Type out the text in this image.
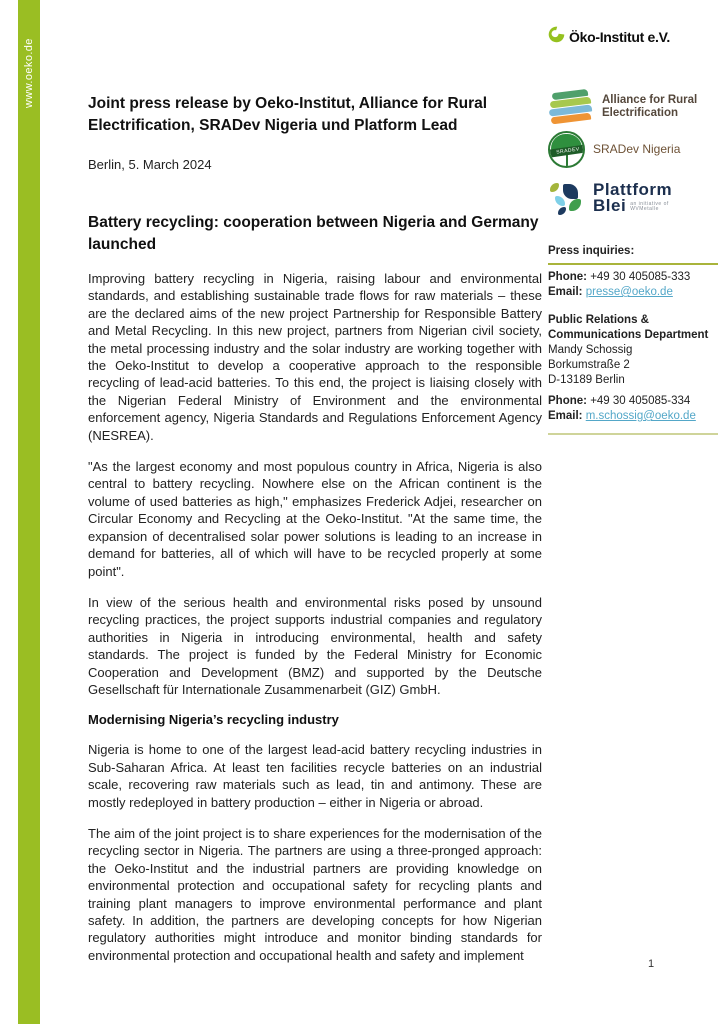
www.oeko.de	Joint press release by Oeko-Institut, Alliance for Rural Electrification, SRADev Nigeria und Platform Lead

Berlin, 5. March 2024

Battery recycling: cooperation between Nigeria and Germany launched

Improving battery recycling in Nigeria, raising labour and environmental standards, and establishing sustainable trade flows for raw materials – these are the declared aims of the new project Partnership for Responsible Battery and Metal Recycling. In this new project, partners from Nigerian civil society, the metal processing industry and the solar industry are working together with the Oeko-Institut to develop a cooperative approach to the responsible recycling of lead-acid batteries. To this end, the project is liaising closely with the Nigerian Federal Ministry of Environment and the environmental enforcement agency, Nigeria Standards and Regulations Enforcement Agency (NESREA).

"As the largest economy and most populous country in Africa, Nigeria is also central to battery recycling. Nowhere else on the African continent is the volume of used batteries as high," emphasizes Frederick Adjei, researcher on Circular Economy and Recycling at the Oeko-Institut. "At the same time, the expansion of decentralised solar power solutions is leading to an increase in demand for batteries, all of which will have to be recycled properly at some point".

In view of the serious health and environmental risks posed by unsound recycling practices, the project supports industrial companies and regulatory authorities in Nigeria in introducing environmental, health and safety standards. The project is funded by the Federal Ministry for Economic Cooperation and Development (BMZ) and supported by the Deutsche Gesellschaft für Internationale Zusammenarbeit (GIZ) GmbH.

Modernising Nigeria’s recycling industry

Nigeria is home to one of the largest lead-acid battery recycling industries in Sub-Saharan Africa. At least ten facilities recycle batteries on an industrial scale, recovering raw materials such as lead, tin and antimony. These are mostly redeployed in battery production – either in Nigeria or abroad.

The aim of the joint project is to share experiences for the modernisation of the recycling sector in Nigeria. The partners are using a three-pronged approach: the Oeko-Institut and the industrial partners are providing knowledge on environmental protection and occupational safety for recycling plants and training plant managers to improve environmental performance and plant safety. In addition, the partners are developing concepts for how Nigerian regulatory authorities might introduce and monitor binding standards for environmental protection and occupational health and safety and implement

Öko-Institut e.V.
Alliance for Rural
Electrification
SRADEV	SRADev Nigeria
Plattform
Blei an initiative of
WVMetalle
Press inquiries:
Phone: +49 30 405085-333
Email: presse@oeko.de
Public Relations & Communications Department
Mandy Schossig
Borkumstraße 2
D-13189 Berlin
Phone: +49 30 405085-334
Email: m.schossig@oeko.de
1
